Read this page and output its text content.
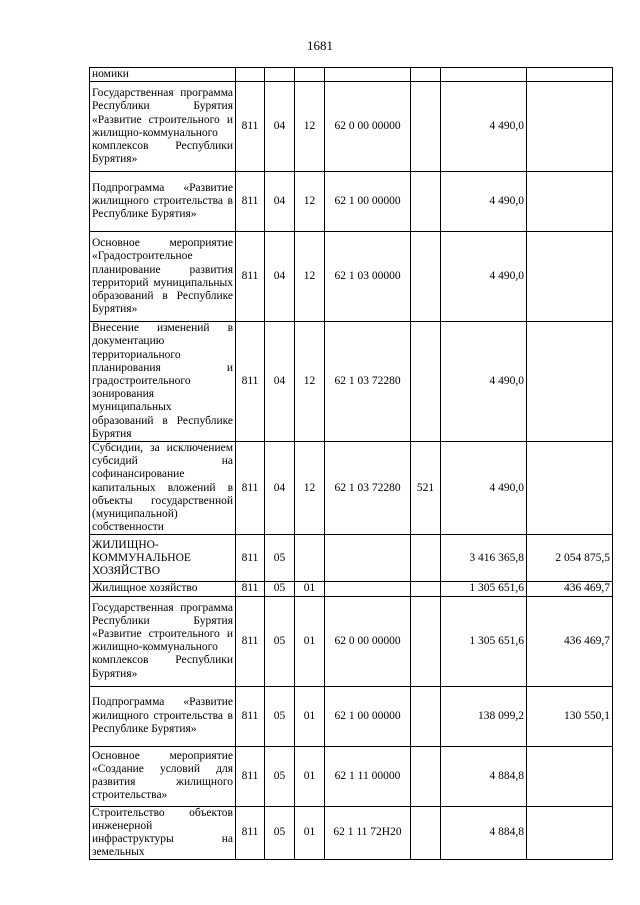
1681
номики							
Государственная программа Республики Бурятия «Развитие строительного и жилищно-коммунального комплексов Республики Бурятия»	811	04	12	62 0 00 00000		4 490,0	
Подпрограмма «Развитие жилищного строительства в Республике Бурятия»	811	04	12	62 1 00 00000		4 490,0	
Основное мероприятие «Градостроительное планирование развития территорий муниципальных образований в Республике Бурятия»	811	04	12	62 1 03 00000		4 490,0	
Внесение изменений в документацию территориального планирования и градостроительного зонирования муниципальных образований в Республике Бурятия	811	04	12	62 1 03 72280		4 490,0	
Субсидии, за исключением субсидий на софинансирование капитальных вложений в объекты государственной (муниципальной) собственности	811	04	12	62 1 03 72280	521	4 490,0	
ЖИЛИЩНО-КОММУНАЛЬНОЕ ХОЗЯЙСТВО	811	05				3 416 365,8	2 054 875,5
Жилищное хозяйство	811	05	01			1 305 651,6	436 469,7
Государственная программа Республики Бурятия «Развитие строительного и жилищно-коммунального комплексов Республики Бурятия»	811	05	01	62 0 00 00000		1 305 651,6	436 469,7
Подпрограмма «Развитие жилищного строительства в Республике Бурятия»	811	05	01	62 1 00 00000		138 099,2	130 550,1
Основное мероприятие «Создание условий для развития жилищного строительства»	811	05	01	62 1 11 00000		4 884,8	
Строительство объектов инженерной инфраструктуры на земельных	811	05	01	62 1 11 72Н20		4 884,8	
